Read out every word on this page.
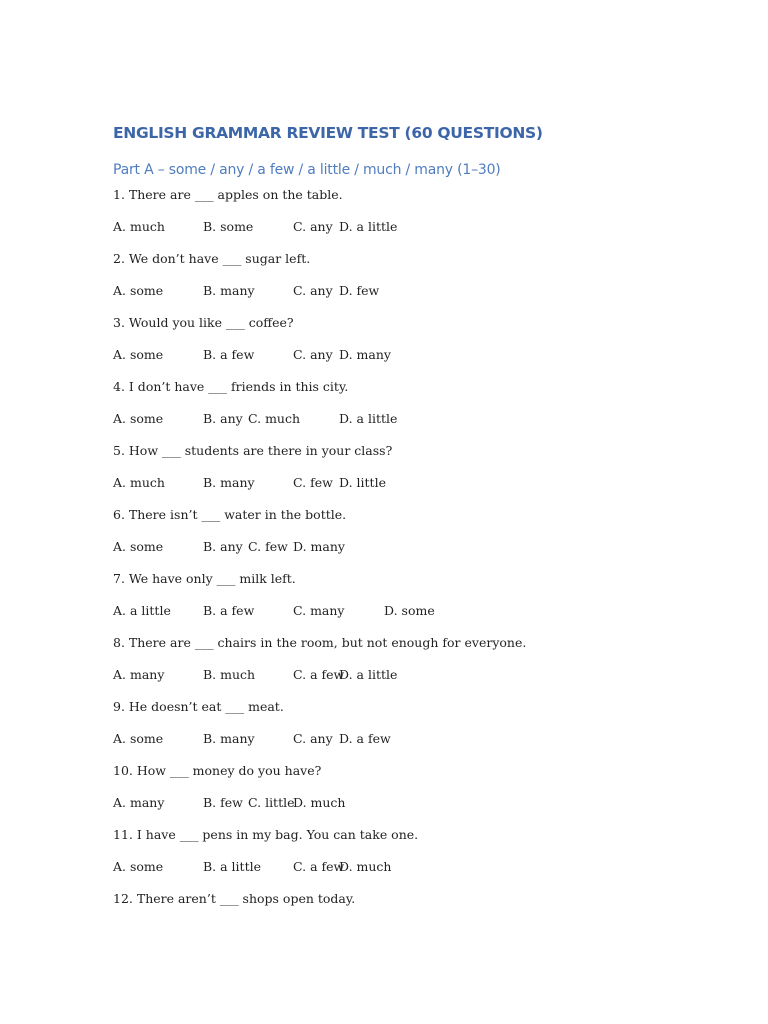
ENGLISH GRAMMAR REVIEW TEST (60 QUESTIONS)
Part A – some / any / a few / a little / much / many (1–30)
1. There are ___ apples on the table.
A. much	B. some	C. any D. a little
2. We don’t have ___ sugar left.
A. some	B. many	C. any D. few
3. Would you like ___ coffee?
A. some	B. a few	C. any D. many
4. I don’t have ___ friends in this city.
A. some	B. any C. much	D. a little
5. How ___ students are there in your class?
A. much	B. many	C. few D. little
6. There isn’t ___ water in the bottle.
A. some	B. any C. few D. many
7. We have only ___ milk left.
A. a little	B. a few	C. many	D. some
8. There are ___ chairs in the room, but not enough for everyone.
A. many	B. much	C. a few
D. a little
9. He doesn’t eat ___ meat.
A. some	B. many	C. any D. a few
10. How ___ money do you have?
A. many	B. few C. little
D. much
11. I have ___ pens in my bag. You can take one.
A. some	B. a little	C. a few
D. much
12. There aren’t ___ shops open today.
